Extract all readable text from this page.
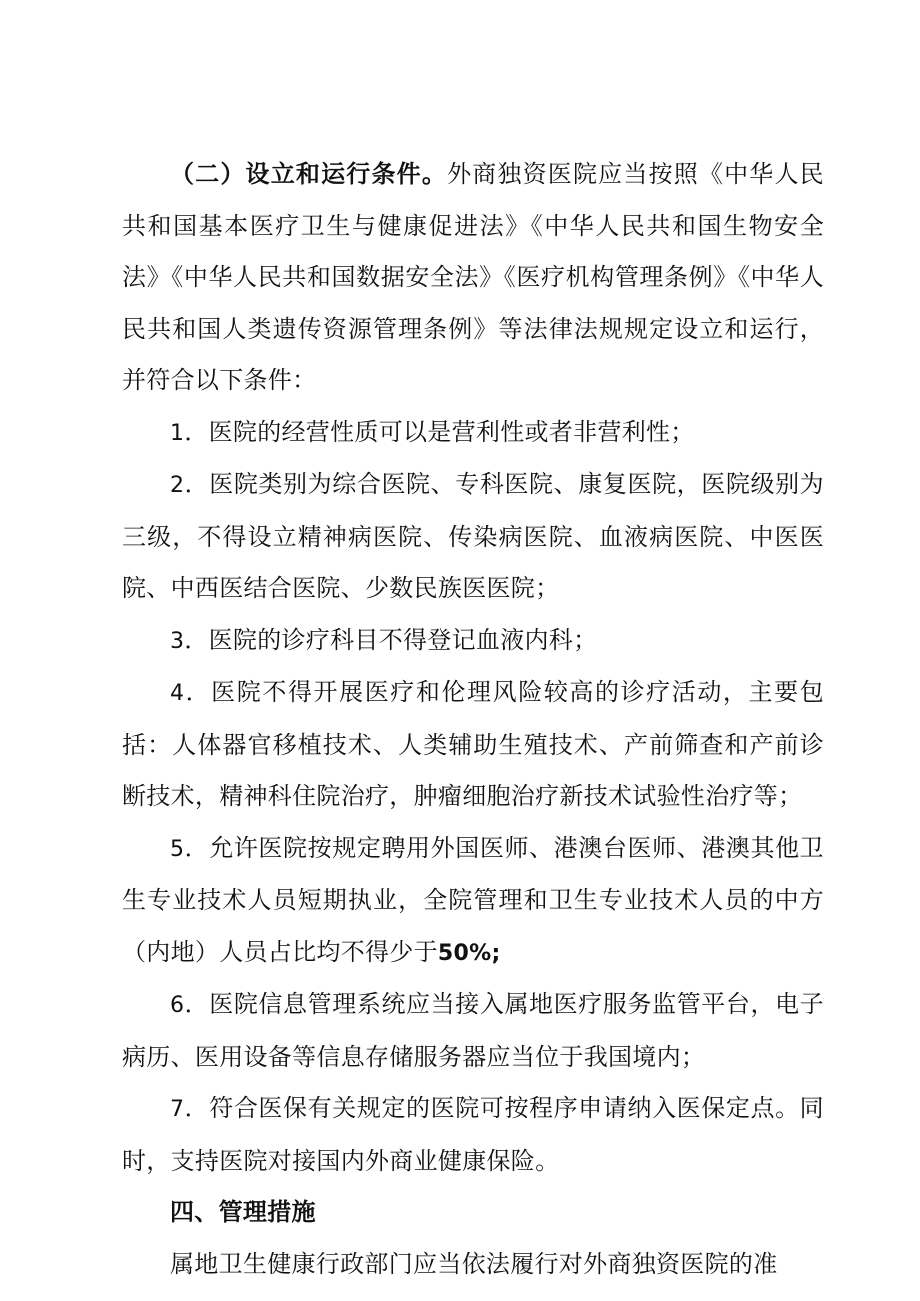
（二）设立和运行条件。外商独资医院应当按照《中华人民共和国基本医疗卫生与健康促进法》《中华人民共和国生物安全法》《中华人民共和国数据安全法》《医疗机构管理条例》《中华人民共和国人类遗传资源管理条例》等法律法规规定设立和运行，并符合以下条件：

1．医院的经营性质可以是营利性或者非营利性；

2．医院类别为综合医院、专科医院、康复医院，医院级别为三级，不得设立精神病医院、传染病医院、血液病医院、中医医院、中西医结合医院、少数民族医医院；

3．医院的诊疗科目不得登记血液内科；

4．医院不得开展医疗和伦理风险较高的诊疗活动，主要包括：人体器官移植技术、人类辅助生殖技术、产前筛查和产前诊断技术，精神科住院治疗，肿瘤细胞治疗新技术试验性治疗等；

5．允许医院按规定聘用外国医师、港澳台医师、港澳其他卫生专业技术人员短期执业，全院管理和卫生专业技术人员的中方（内地）人员占比均不得少于50%;

6．医院信息管理系统应当接入属地医疗服务监管平台，电子病历、医用设备等信息存储服务器应当位于我国境内；

7．符合医保有关规定的医院可按程序申请纳入医保定点。同时，支持医院对接国内外商业健康保险。

四、管理措施

属地卫生健康行政部门应当依法履行对外商独资医院的准
